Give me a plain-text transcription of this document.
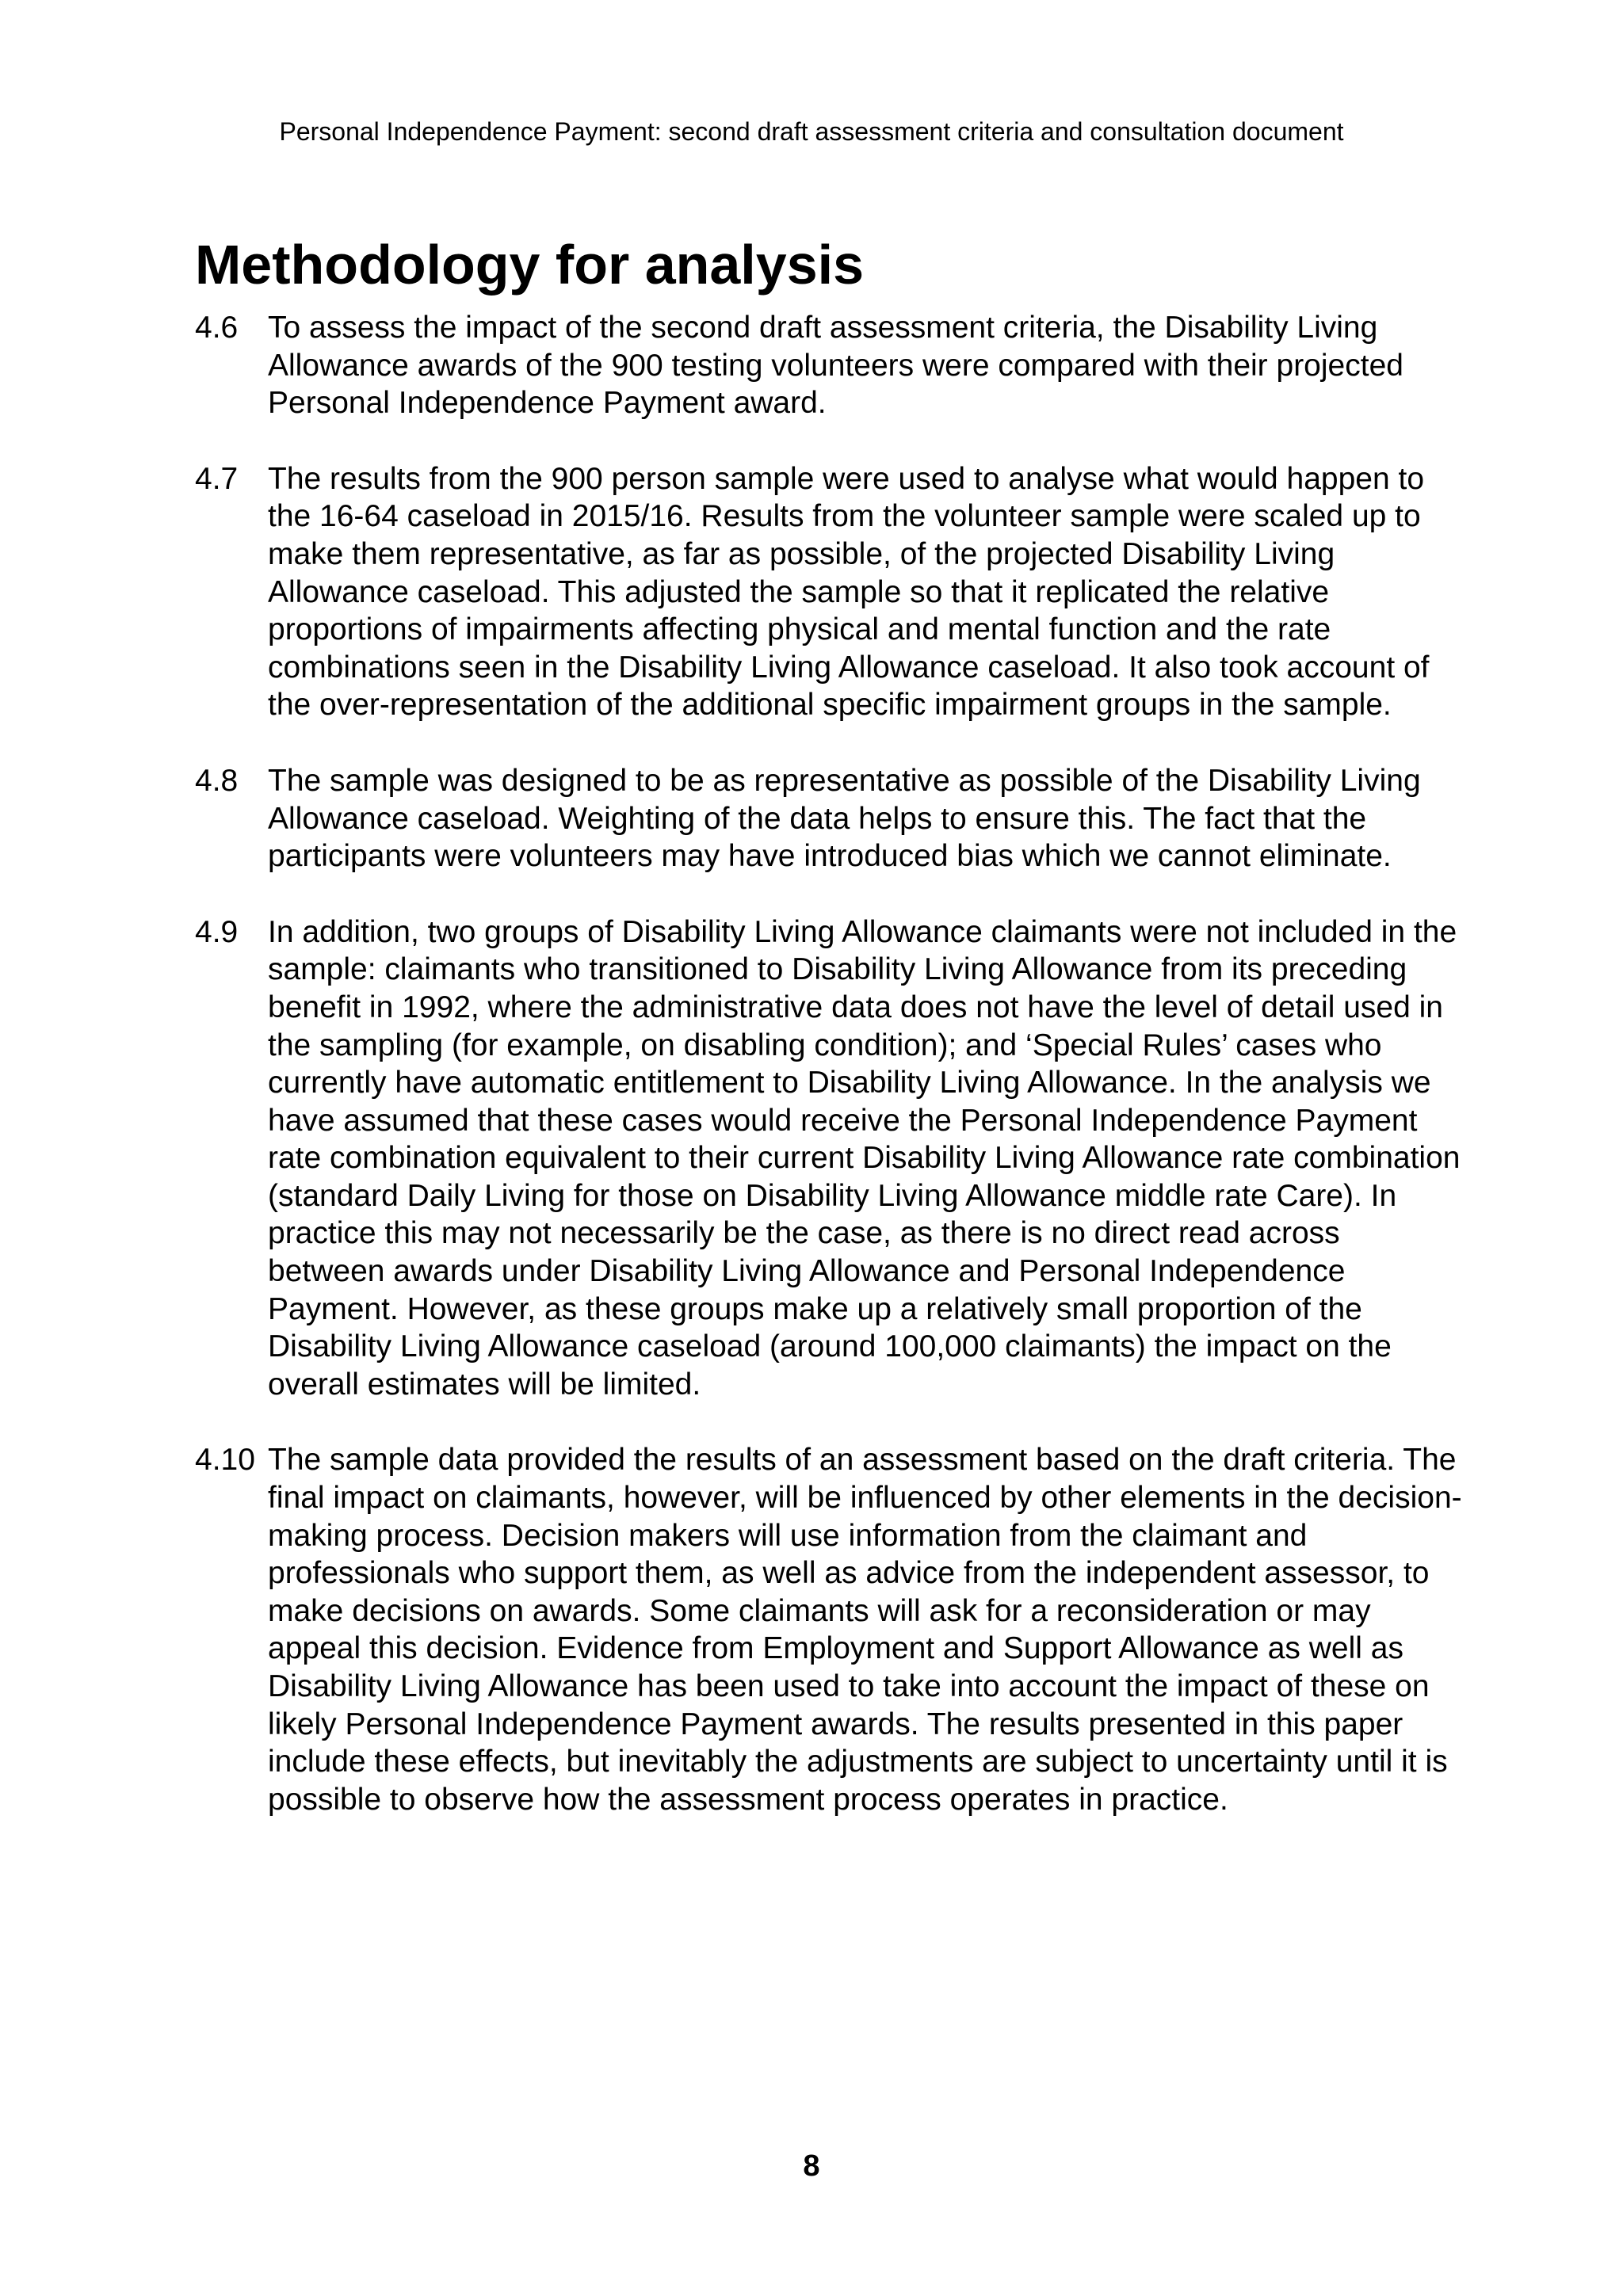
Personal Independence Payment: second draft assessment criteria and consultation document
Methodology for analysis
4.6 To assess the impact of the second draft assessment criteria, the Disability Living Allowance awards of the 900 testing volunteers were compared with their projected Personal Independence Payment award.
4.7 The results from the 900 person sample were used to analyse what would happen to the 16-64 caseload in 2015/16. Results from the volunteer sample were scaled up to make them representative, as far as possible, of the projected Disability Living Allowance caseload. This adjusted the sample so that it replicated the relative proportions of impairments affecting physical and mental function and the rate combinations seen in the Disability Living Allowance caseload. It also took account of the over-representation of the additional specific impairment groups in the sample.
4.8 The sample was designed to be as representative as possible of the Disability Living Allowance caseload. Weighting of the data helps to ensure this. The fact that the participants were volunteers may have introduced bias which we cannot eliminate.
4.9 In addition, two groups of Disability Living Allowance claimants were not included in the sample: claimants who transitioned to Disability Living Allowance from its preceding benefit in 1992, where the administrative data does not have the level of detail used in the sampling (for example, on disabling condition); and ‘Special Rules’ cases who currently have automatic entitlement to Disability Living Allowance. In the analysis we have assumed that these cases would receive the Personal Independence Payment rate combination equivalent to their current Disability Living Allowance rate combination (standard Daily Living for those on Disability Living Allowance middle rate Care). In practice this may not necessarily be the case, as there is no direct read across between awards under Disability Living Allowance and Personal Independence Payment. However, as these groups make up a relatively small proportion of the Disability Living Allowance caseload (around 100,000 claimants) the impact on the overall estimates will be limited.
4.10 The sample data provided the results of an assessment based on the draft criteria. The final impact on claimants, however, will be influenced by other elements in the decision-making process. Decision makers will use information from the claimant and professionals who support them, as well as advice from the independent assessor, to make decisions on awards. Some claimants will ask for a reconsideration or may appeal this decision. Evidence from Employment and Support Allowance as well as Disability Living Allowance has been used to take into account the impact of these on likely Personal Independence Payment awards. The results presented in this paper include these effects, but inevitably the adjustments are subject to uncertainty until it is possible to observe how the assessment process operates in practice.
8
